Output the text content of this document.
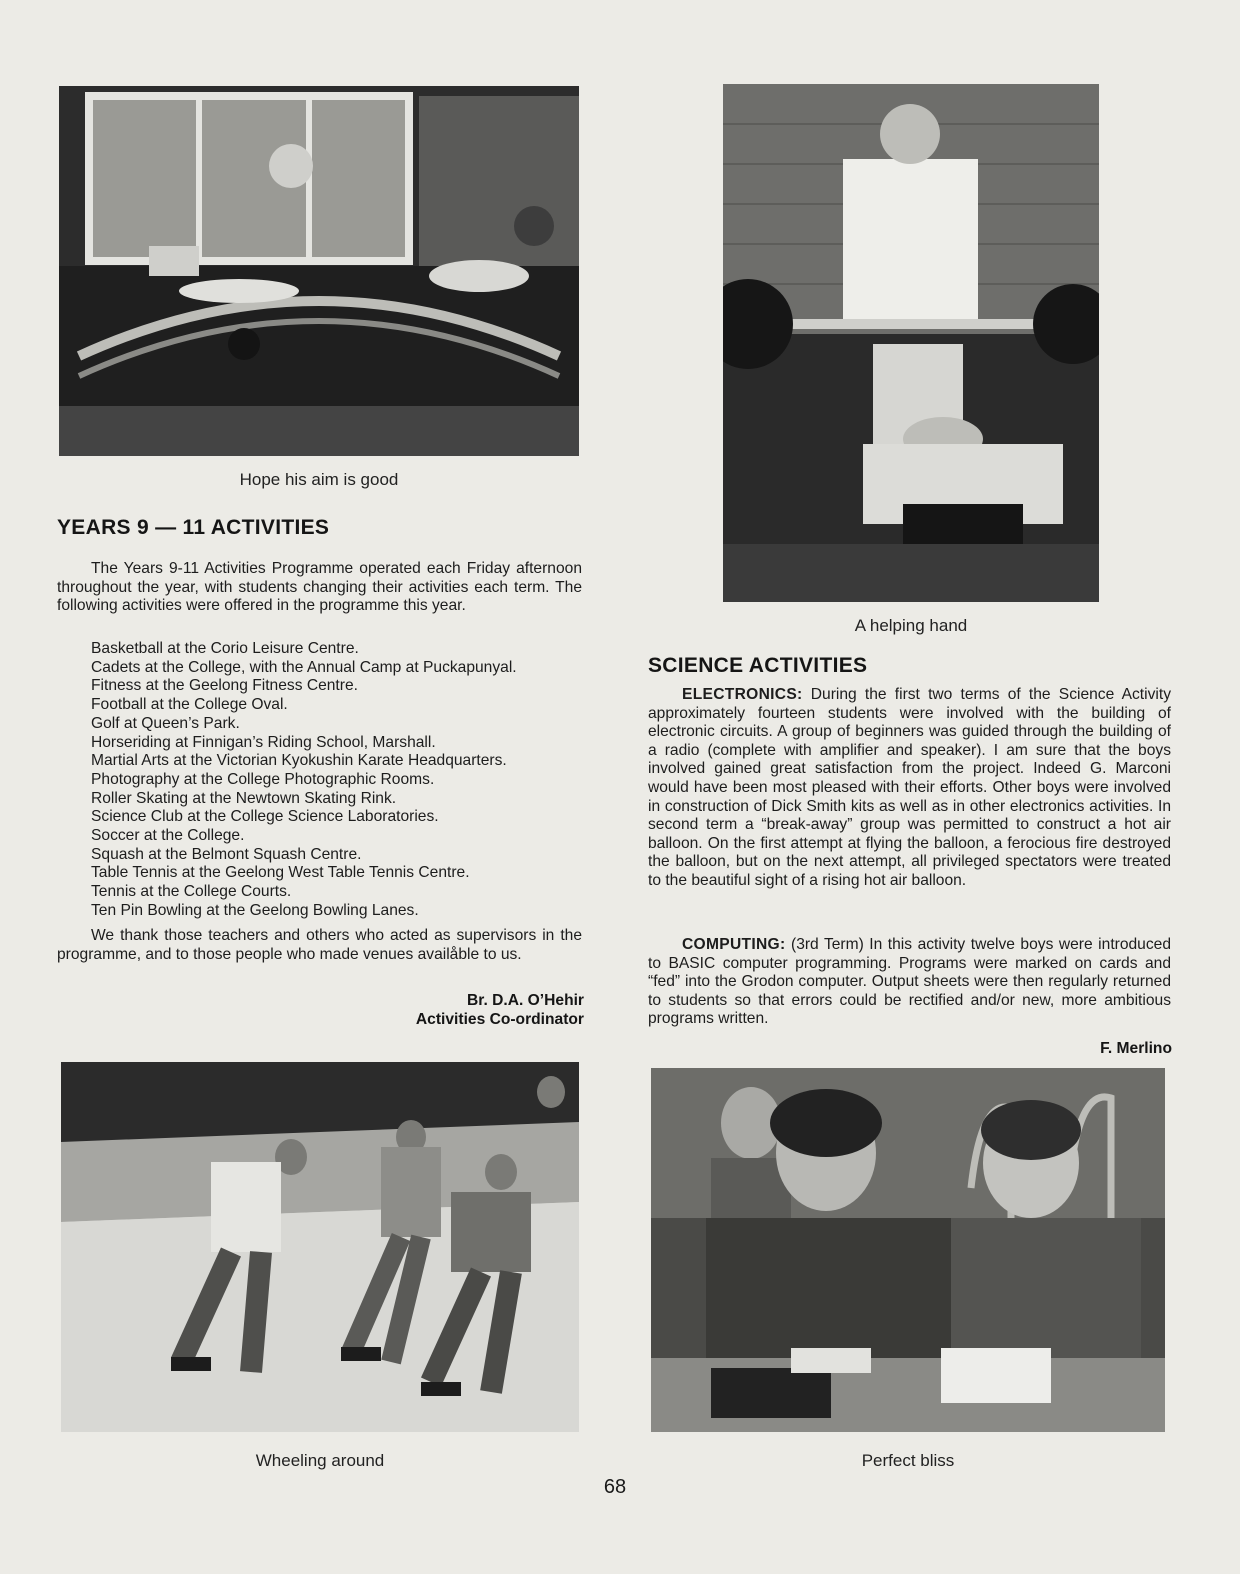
Hope his aim is good
A helping hand
Wheeling around	Perfect bliss
YEARS 9 — 11 ACTIVITIES

The Years 9-11 Activities Programme operated each Friday afternoon throughout the year, with students changing their activities each term. The following activities were offered in the programme this year.

Basketball at the Corio Leisure Centre.
Cadets at the College, with the Annual Camp at Puckapunyal.
Fitness at the Geelong Fitness Centre.
Football at the College Oval.
Golf at Queen’s Park.
Horseriding at Finnigan’s Riding School, Marshall.
Martial Arts at the Victorian Kyokushin Karate Headquarters.
Photography at the College Photographic Rooms.
Roller Skating at the Newtown Skating Rink.
Science Club at the College Science Laboratories.
Soccer at the College.
Squash at the Belmont Squash Centre.
Table Tennis at the Geelong West Table Tennis Centre.
Tennis at the College Courts.
Ten Pin Bowling at the Geelong Bowling Lanes.

We thank those teachers and others who acted as supervisors in the programme, and to those people who made venues availåble to us.

Br. D.A. O’Hehir
Activities Co-ordinator
SCIENCE ACTIVITIES

ELECTRONICS: During the first two terms of the Science Activity approximately fourteen students were involved with the building of electronic circuits. A group of beginners was guided through the building of a radio (complete with amplifier and speaker). I am sure that the boys involved gained great satisfaction from the project. Indeed G. Marconi would have been most pleased with their efforts. Other boys were involved in construction of Dick Smith kits as well as in other electronics activities. In second term a “break-away” group was permitted to construct a hot air balloon. On the first attempt at flying the balloon, a ferocious fire destroyed the balloon, but on the next attempt, all privileged spectators were treated to the beautiful sight of a rising hot air balloon.

COMPUTING: (3rd Term) In this activity twelve boys were introduced to BASIC computer programming. Programs were marked on cards and “fed” into the Grodon computer. Output sheets were then regularly returned to students so that errors could be rectified and/or new, more ambitious programs written.

F. Merlino
68
